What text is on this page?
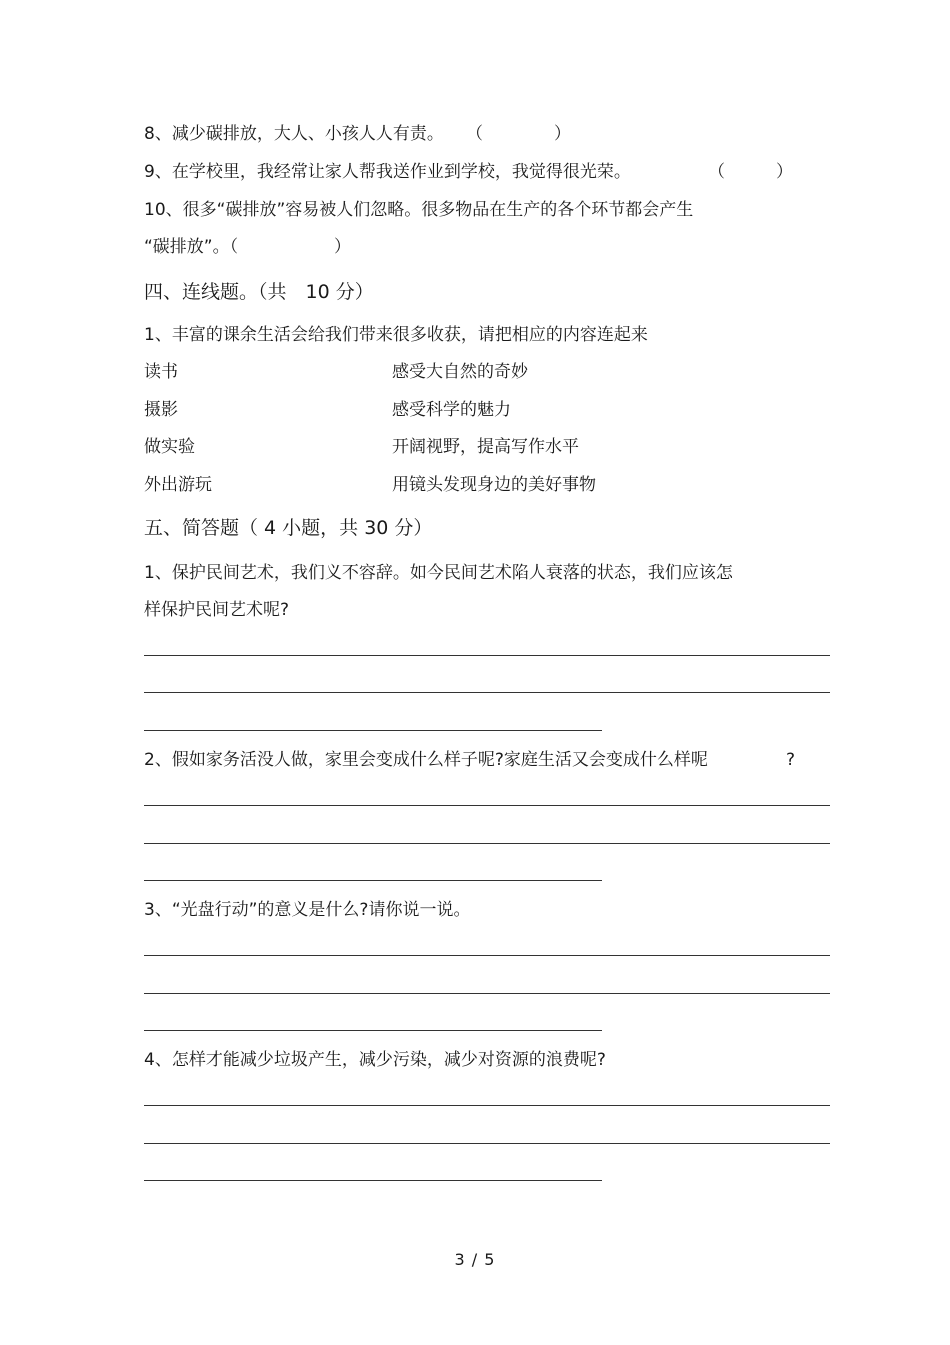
8、减少碳排放，大人、小孩人人有责。 （	）
9、在学校里，我经常让家人帮我送作业到学校，我觉得很光荣。	（	）
10、很多“碳排放”容易被人们忽略。很多物品在生产的各个环节都会产生
“碳排放”。（	）
四、连线题。（共　10 分）
1、丰富的课余生活会给我们带来很多收获，请把相应的内容连起来
读书	感受大自然的奇妙
摄影	感受科学的魅力
做实验	开阔视野，提高写作水平
外出游玩	用镜头发现身边的美好事物
五、简答题（ 4 小题，共 30 分）
1、保护民间艺术，我们义不容辞。如今民间艺术陷人衰落的状态，我们应该怎
样保护民间艺术呢?
2、假如家务活没人做，家里会变成什么样子呢?家庭生活又会变成什么样呢	?
3、“光盘行动”的意义是什么?请你说一说。
4、怎样才能减少垃圾产生，减少污染，减少对资源的浪费呢?
3 / 5
